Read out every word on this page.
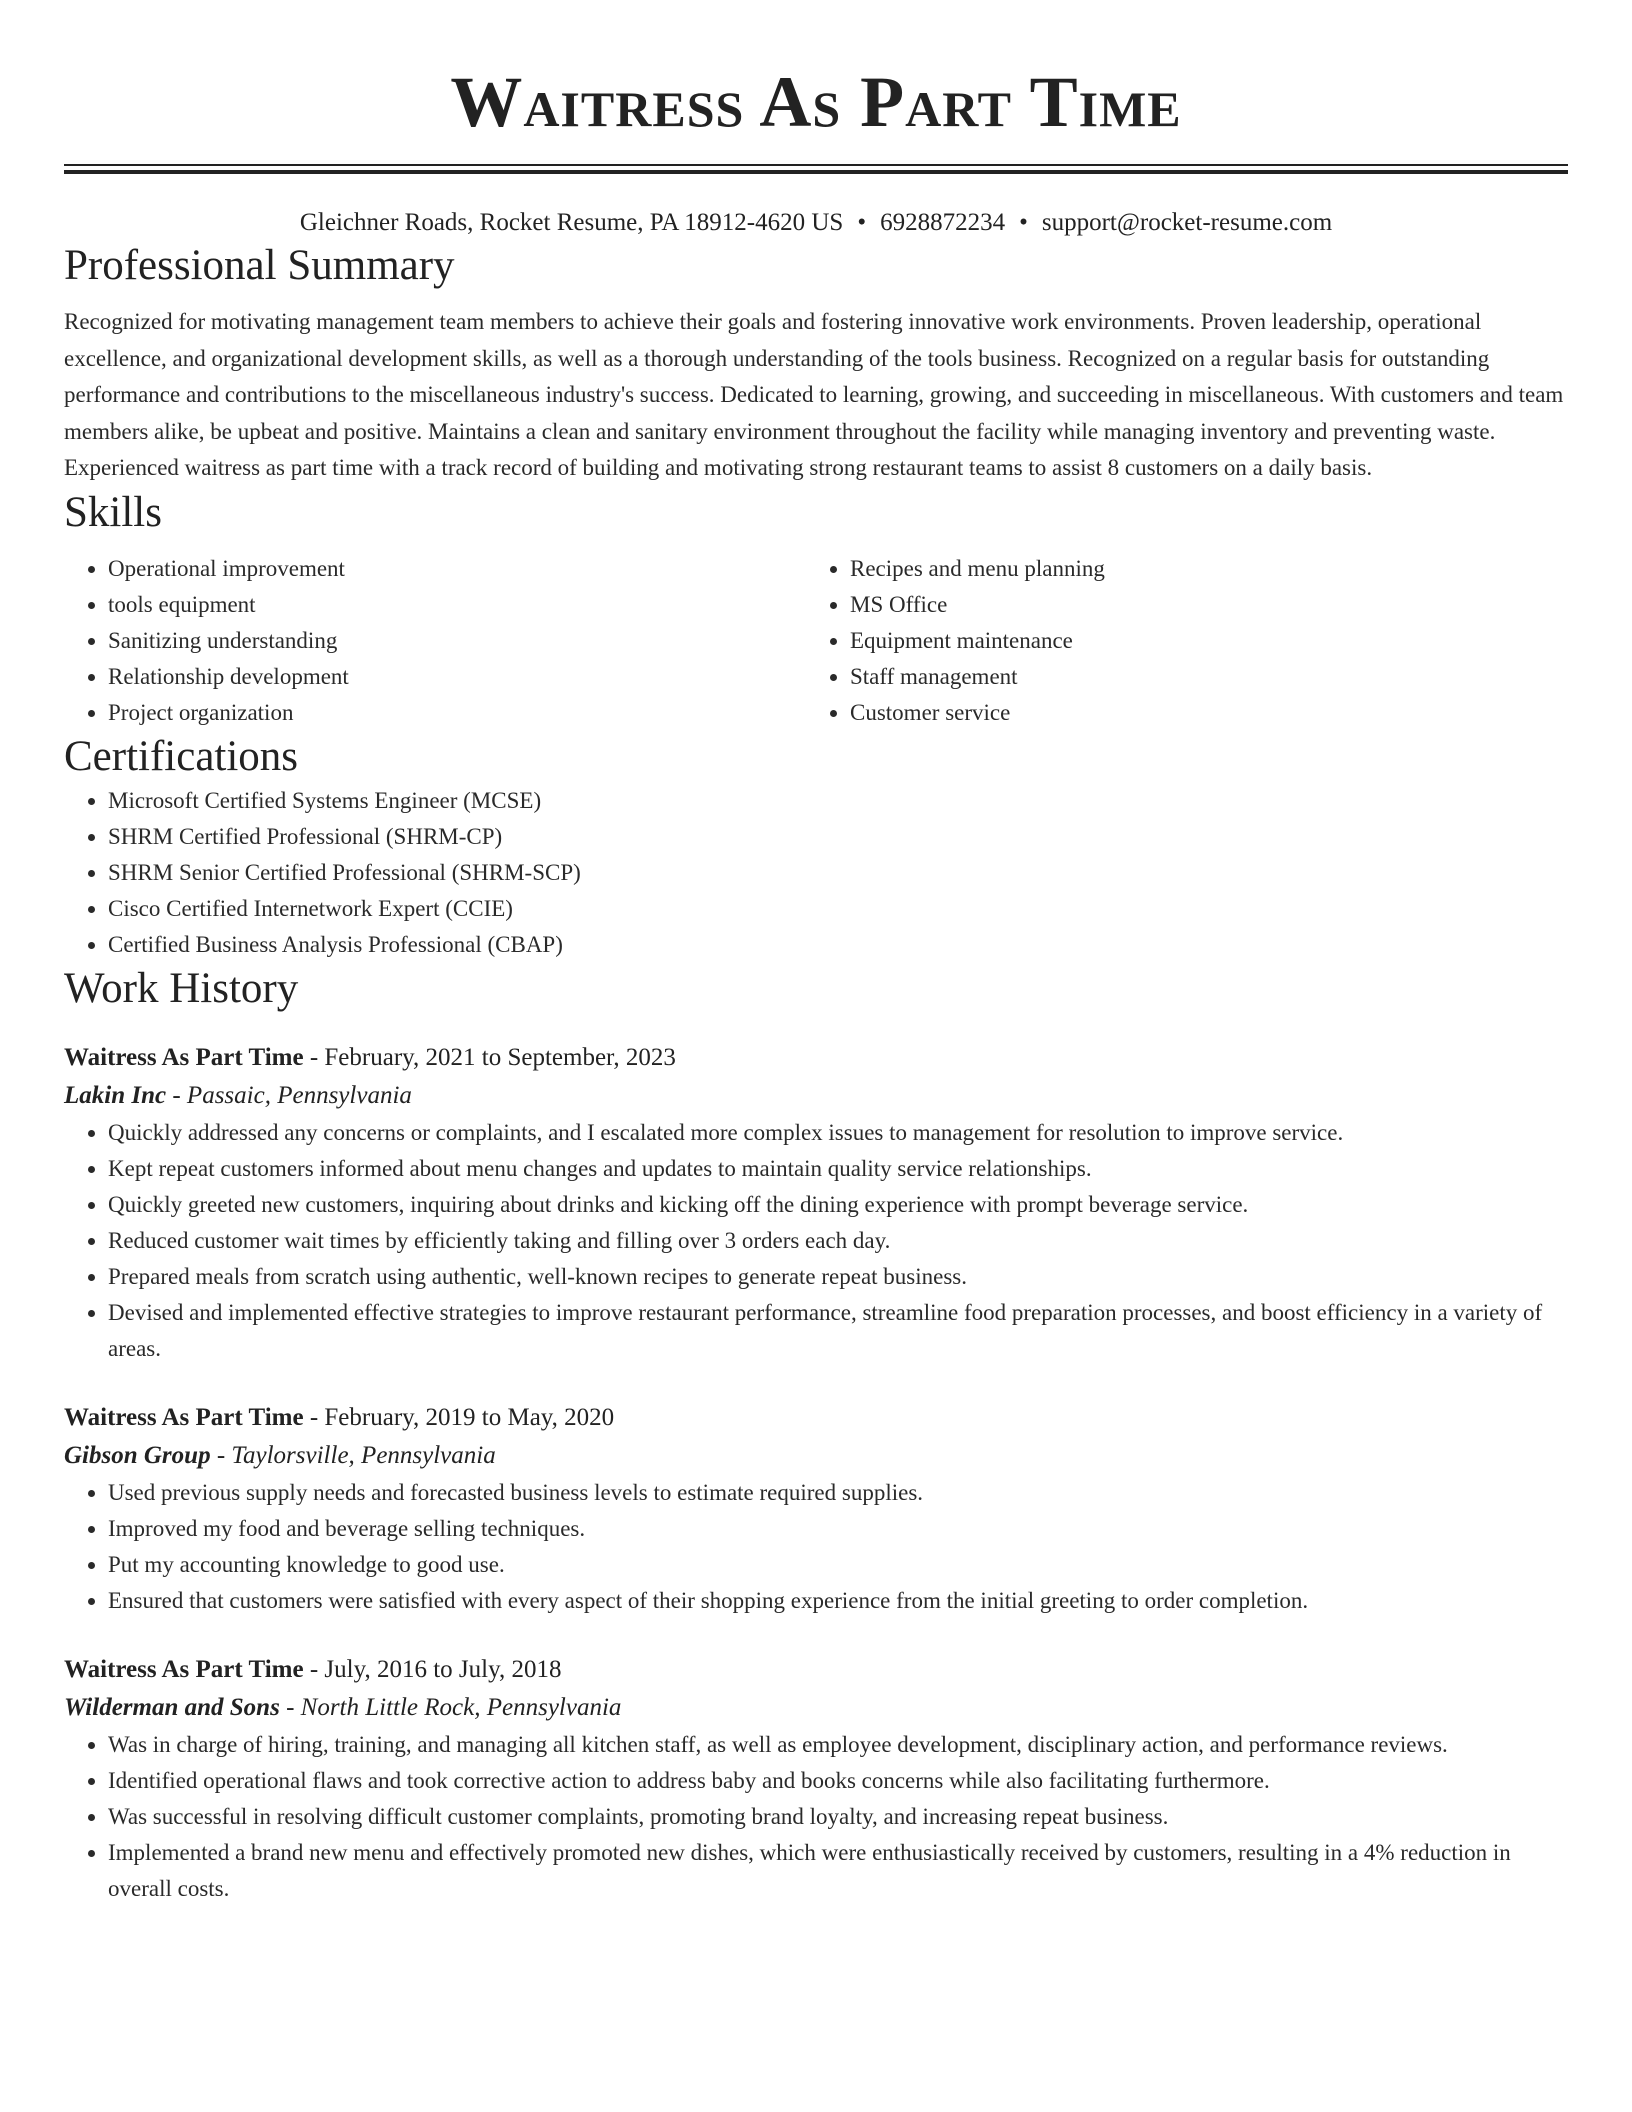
Waitress As Part Time
Gleichner Roads, Rocket Resume, PA 18912-4620 US • 6928872234 • support@rocket-resume.com
Professional Summary
Recognized for motivating management team members to achieve their goals and fostering innovative work environments. Proven leadership, operational excellence, and organizational development skills, as well as a thorough understanding of the tools business. Recognized on a regular basis for outstanding performance and contributions to the miscellaneous industry's success. Dedicated to learning, growing, and succeeding in miscellaneous. With customers and team members alike, be upbeat and positive. Maintains a clean and sanitary environment throughout the facility while managing inventory and preventing waste. Experienced waitress as part time with a track record of building and motivating strong restaurant teams to assist 8 customers on a daily basis.
Skills
• Operational improvement
• tools equipment
• Sanitizing understanding
• Relationship development
• Project organization
• Recipes and menu planning
• MS Office
• Equipment maintenance
• Staff management
• Customer service
Certifications
• Microsoft Certified Systems Engineer (MCSE)
• SHRM Certified Professional (SHRM-CP)
• SHRM Senior Certified Professional (SHRM-SCP)
• Cisco Certified Internetwork Expert (CCIE)
• Certified Business Analysis Professional (CBAP)
Work History
Waitress As Part Time - February, 2021 to September, 2023
Lakin Inc - Passaic, Pennsylvania
• Quickly addressed any concerns or complaints, and I escalated more complex issues to management for resolution to improve service.
• Kept repeat customers informed about menu changes and updates to maintain quality service relationships.
• Quickly greeted new customers, inquiring about drinks and kicking off the dining experience with prompt beverage service.
• Reduced customer wait times by efficiently taking and filling over 3 orders each day.
• Prepared meals from scratch using authentic, well-known recipes to generate repeat business.
• Devised and implemented effective strategies to improve restaurant performance, streamline food preparation processes, and boost efficiency in a variety of areas.
Waitress As Part Time - February, 2019 to May, 2020
Gibson Group - Taylorsville, Pennsylvania
• Used previous supply needs and forecasted business levels to estimate required supplies.
• Improved my food and beverage selling techniques.
• Put my accounting knowledge to good use.
• Ensured that customers were satisfied with every aspect of their shopping experience from the initial greeting to order completion.
Waitress As Part Time - July, 2016 to July, 2018
Wilderman and Sons - North Little Rock, Pennsylvania
• Was in charge of hiring, training, and managing all kitchen staff, as well as employee development, disciplinary action, and performance reviews.
• Identified operational flaws and took corrective action to address baby and books concerns while also facilitating furthermore.
• Was successful in resolving difficult customer complaints, promoting brand loyalty, and increasing repeat business.
• Implemented a brand new menu and effectively promoted new dishes, which were enthusiastically received by customers, resulting in a 4% reduction in overall costs.
